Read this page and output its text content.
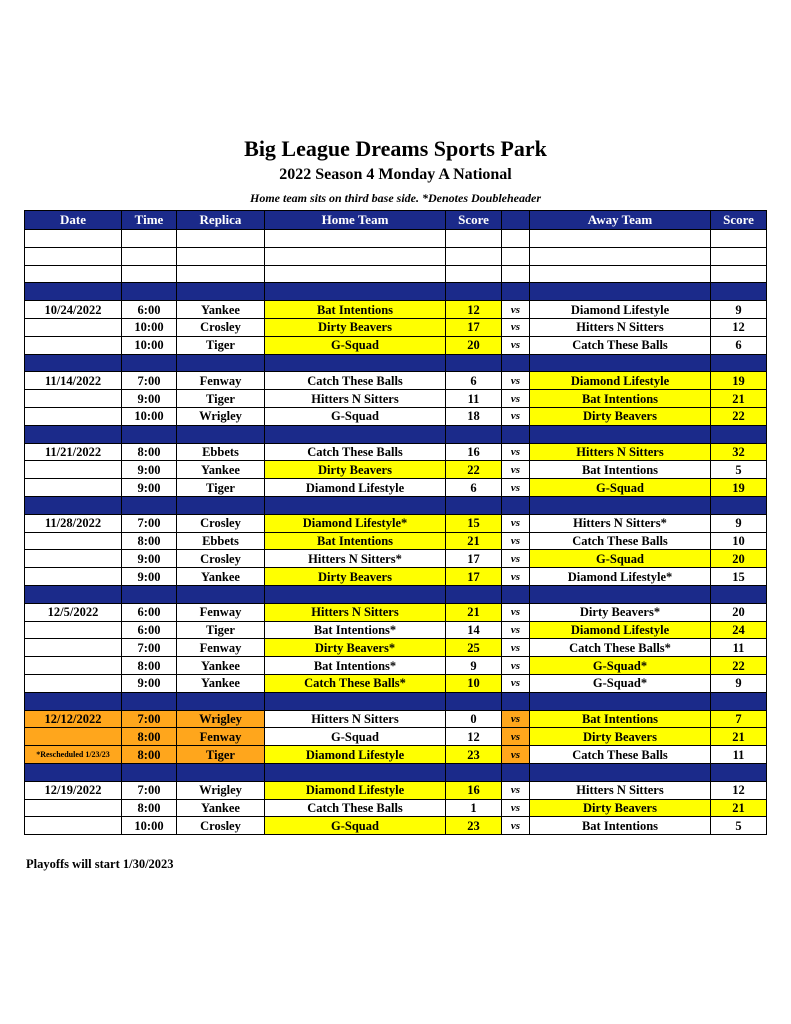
Big League Dreams Sports Park
2022 Season 4 Monday A National
Home team sits on third base side. *Denotes Doubleheader
Date	Time	Replica	Home Team	Score		Away Team	Score

10/24/2022	6:00	Yankee	Bat Intentions	12	vs	Diamond Lifestyle	9
	10:00	Crosley	Dirty Beavers	17	vs	Hitters N Sitters	12
	10:00	Tiger	G-Squad	20	vs	Catch These Balls	6

11/14/2022	7:00	Fenway	Catch These Balls	6	vs	Diamond Lifestyle	19
	9:00	Tiger	Hitters N Sitters	11	vs	Bat Intentions	21
	10:00	Wrigley	G-Squad	18	vs	Dirty Beavers	22

11/21/2022	8:00	Ebbets	Catch These Balls	16	vs	Hitters N Sitters	32
	9:00	Yankee	Dirty Beavers	22	vs	Bat Intentions	5
	9:00	Tiger	Diamond Lifestyle	6	vs	G-Squad	19

11/28/2022	7:00	Crosley	Diamond Lifestyle*	15	vs	Hitters N Sitters*	9
	8:00	Ebbets	Bat Intentions	21	vs	Catch These Balls	10
	9:00	Crosley	Hitters N Sitters*	17	vs	G-Squad	20
	9:00	Yankee	Dirty Beavers	17	vs	Diamond Lifestyle*	15

12/5/2022	6:00	Fenway	Hitters N Sitters	21	vs	Dirty Beavers*	20
	6:00	Tiger	Bat Intentions*	14	vs	Diamond Lifestyle	24
	7:00	Fenway	Dirty Beavers*	25	vs	Catch These Balls*	11
	8:00	Yankee	Bat Intentions*	9	vs	G-Squad*	22
	9:00	Yankee	Catch These Balls*	10	vs	G-Squad*	9

12/12/2022	7:00	Wrigley	Hitters N Sitters	0	vs	Bat Intentions	7
	8:00	Fenway	G-Squad	12	vs	Dirty Beavers	21
*Rescheduled 1/23/23	8:00	Tiger	Diamond Lifestyle	23	vs	Catch These Balls	11

12/19/2022	7:00	Wrigley	Diamond Lifestyle	16	vs	Hitters N Sitters	12
	8:00	Yankee	Catch These Balls	1	vs	Dirty Beavers	21
	10:00	Crosley	G-Squad	23	vs	Bat Intentions	5
Playoffs will start 1/30/2023
